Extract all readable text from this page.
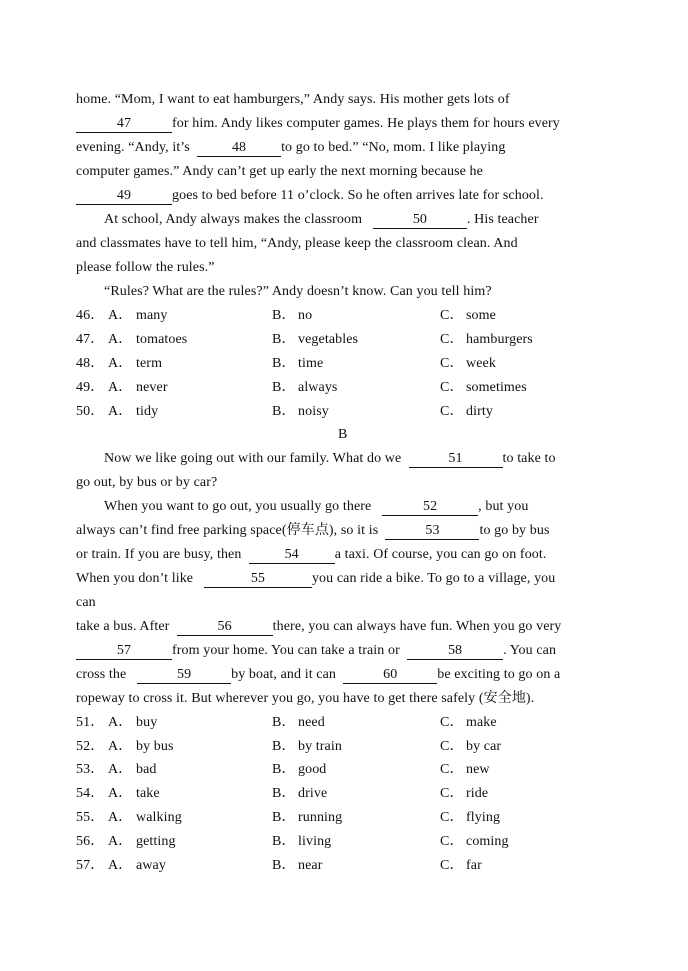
home. “Mom, I want to eat hamburgers,” Andy says. His mother gets lots of
47	for him. Andy likes computer games. He plays them for hours every
evening. “Andy, it’s	48 to go to bed.” “No, mom. I like playing
computer games.” Andy can’t get up early the next morning because he
49	goes to bed before 11 o’clock. So he often arrives late for school.
At school, Andy always makes the classroom	50	. His teacher
and classmates have to tell him, “Andy, please keep the classroom clean. And
please follow the rules.”
“Rules? What are the rules?” Andy doesn’t know. Can you tell him?
46． A． many	B． no	C． some
47． A． tomatoes	B． vegetables	C． hamburgers
48． A． term	B． time	C． week
49． A． never	B． always	C． sometimes
50． A． tidy	B． noisy	C． dirty
B
Now we like going out with our family. What do we	51	to take to
go out, by bus or by car?
When you want to go out, you usually go there	52	, but you
always can’t find free parking space(停车点), so it is	53	to go by bus
or train. If you are busy, then	54	a taxi. Of course, you can go on foot.
When you don’t like	55	you can ride a bike. To go to a village, you
can
take a bus. After	56	there, you can always have fun. When you go very
57	from your home. You can take a train or	58	. You can
cross the	59	by boat, and it can	60	be exciting to go on a
ropeway to cross it. But wherever you go, you have to get there safely (安全地).
51． A． buy	B． need	C． make
52． A． by bus	B． by train	C． by car
53． A． bad	B． good	C． new
54． A． take	B． drive	C． ride
55． A． walking	B． running	C． flying
56． A． getting	B． living	C． coming
57． A． away	B． near	C． far
